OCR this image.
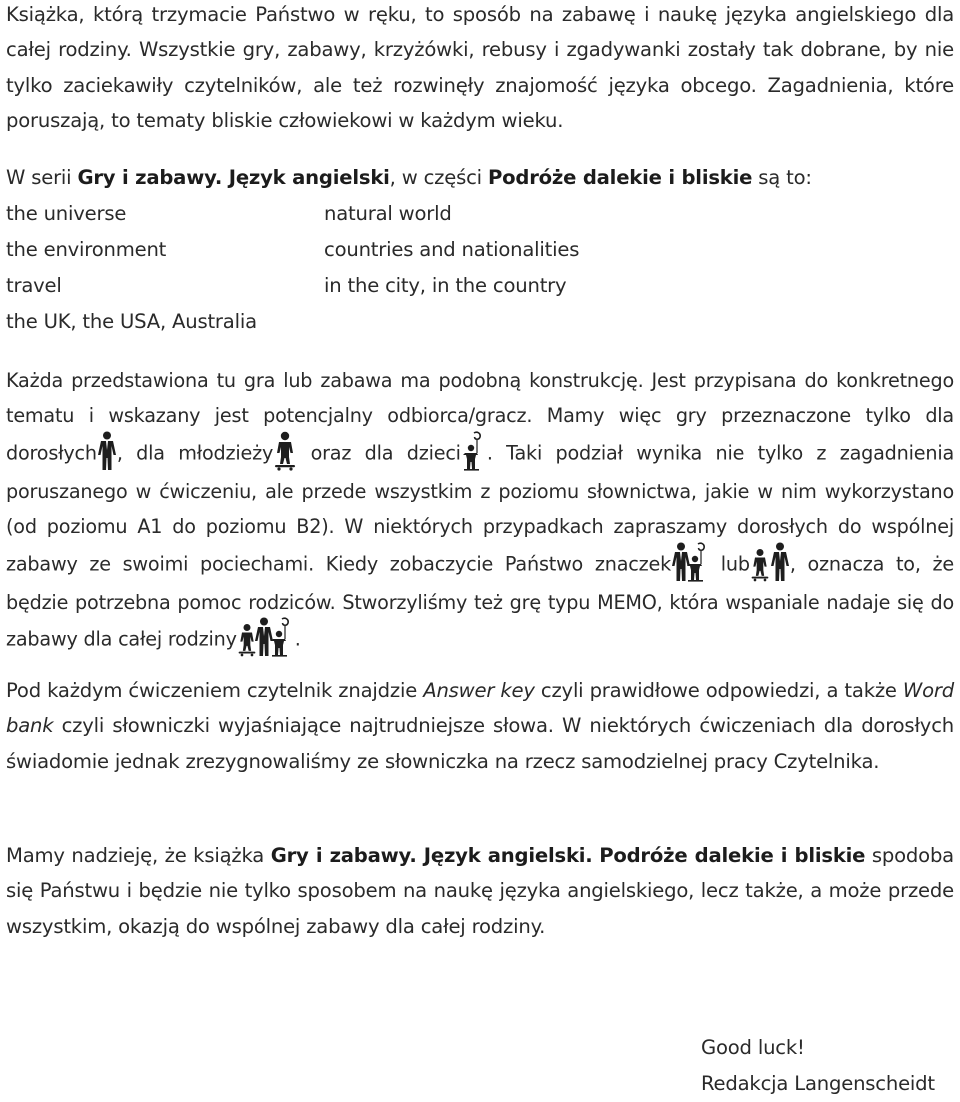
Książka, którą trzymacie Państwo w ręku, to sposób na zabawę i naukę języka angielskiego dla całej rodziny. Wszystkie gry, zabawy, krzyżówki, rebusy i zgadywanki zostały tak dobrane, by nie tylko zaciekawiły czytelników, ale też rozwinęły znajomość języka obcego. Zagadnienia, które poruszają, to tematy bliskie człowiekowi w każdym wieku.

W serii Gry i zabawy. Język angielski, w części Podróże dalekie i bliskie są to:

the universe	natural world
the environment	countries and nationalities
travel	in the city, in the country
the UK, the USA, Australia

Każda przedstawiona tu gra lub zabawa ma podobną konstrukcję. Jest przypisana do konkretnego tematu i wskazany jest potencjalny odbiorca/gracz. Mamy więc gry przeznaczone tylko dla dorosłych , dla młodzieży
oraz dla dzieci . Taki podział wynika nie tylko z zagadnienia poruszanego w ćwiczeniu, ale przede wszystkim z poziomu słownictwa, jakie w nim wykorzystano (od poziomu A1 do poziomu B2). W niektórych przypadkach zapraszamy dorosłych do wspólnej zabawy ze swoimi pociechami. Kiedy zobaczycie Państwo znaczek
lub , oznacza to, że będzie potrzebna pomoc rodziców. Stworzyliśmy też grę typu MEMO, która wspaniale nadaje się do zabawy dla całej rodziny	.

Pod każdym ćwiczeniem czytelnik znajdzie Answer key czyli prawidłowe odpowiedzi, a także Word bank czyli słowniczki wyjaśniające najtrudniejsze słowa. W niektórych ćwiczeniach dla dorosłych świadomie jednak zrezygnowaliśmy ze słowniczka na rzecz samodzielnej pracy Czytelnika.

Mamy nadzieję, że książka Gry i zabawy. Język angielski. Podróże dalekie i bliskie spodoba się Państwu i będzie nie tylko sposobem na naukę języka angielskiego, lecz także, a może przede wszystkim, okazją do wspólnej zabawy dla całej rodziny.

Good luck!
Redakcja Langenscheidt
